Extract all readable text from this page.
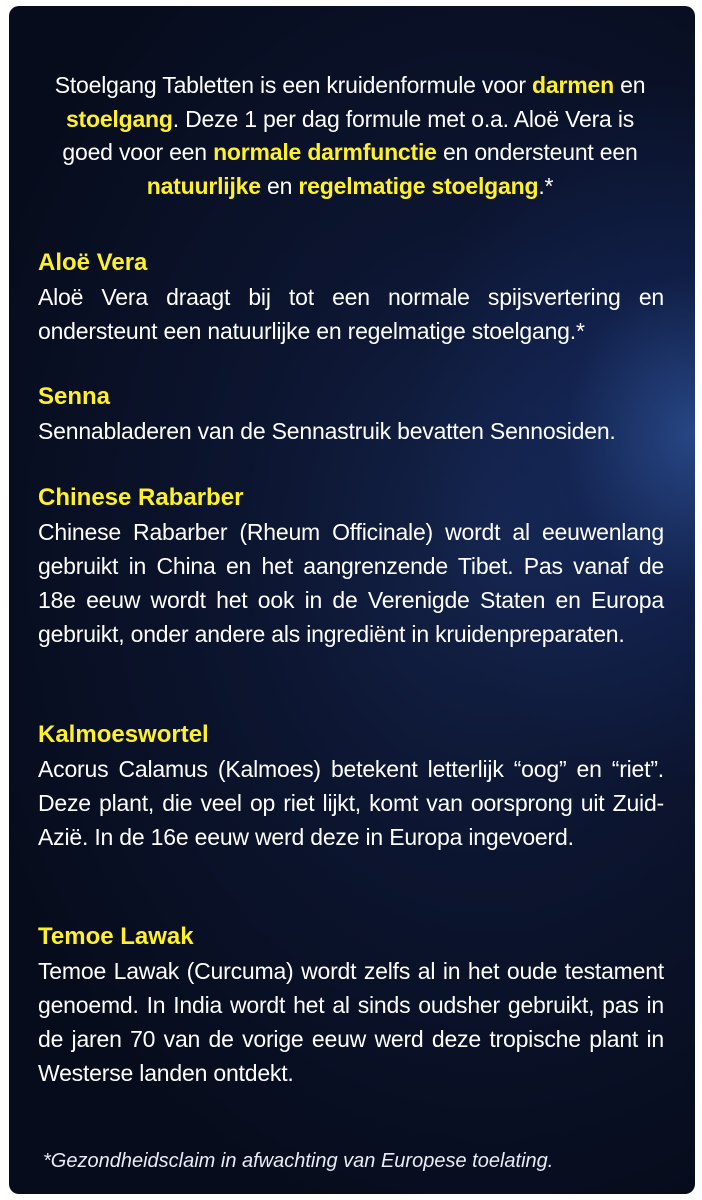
Stoelgang Tabletten is een kruidenformule voor darmen en stoelgang. Deze 1 per dag formule met o.a. Aloë Vera is goed voor een normale darmfunctie en ondersteunt een natuurlijke en regelmatige stoelgang.*

Aloë Vera

Aloë Vera draagt bij tot een normale spijsvertering en ondersteunt een natuurlijke en regelmatige stoelgang.*

Senna

Sennabladeren van de Sennastruik bevatten Sennosiden.

Chinese Rabarber

Chinese Rabarber (Rheum Officinale) wordt al eeuwenlang gebruikt in China en het aangrenzende Tibet. Pas vanaf de 18e eeuw wordt het ook in de Verenigde Staten en Europa gebruikt, onder andere als ingrediënt in kruidenpreparaten.

Kalmoeswortel

Acorus Calamus (Kalmoes) betekent letterlijk “oog” en “riet”. Deze plant, die veel op riet lijkt, komt van oorsprong uit Zuid-Azië. In de 16e eeuw werd deze in Europa ingevoerd.

Temoe Lawak

Temoe Lawak (Curcuma) wordt zelfs al in het oude testament genoemd. In India wordt het al sinds oudsher gebruikt, pas in de jaren 70 van de vorige eeuw werd deze tropische plant in Westerse landen ontdekt.

*Gezondheidsclaim in afwachting van Europese toelating.
